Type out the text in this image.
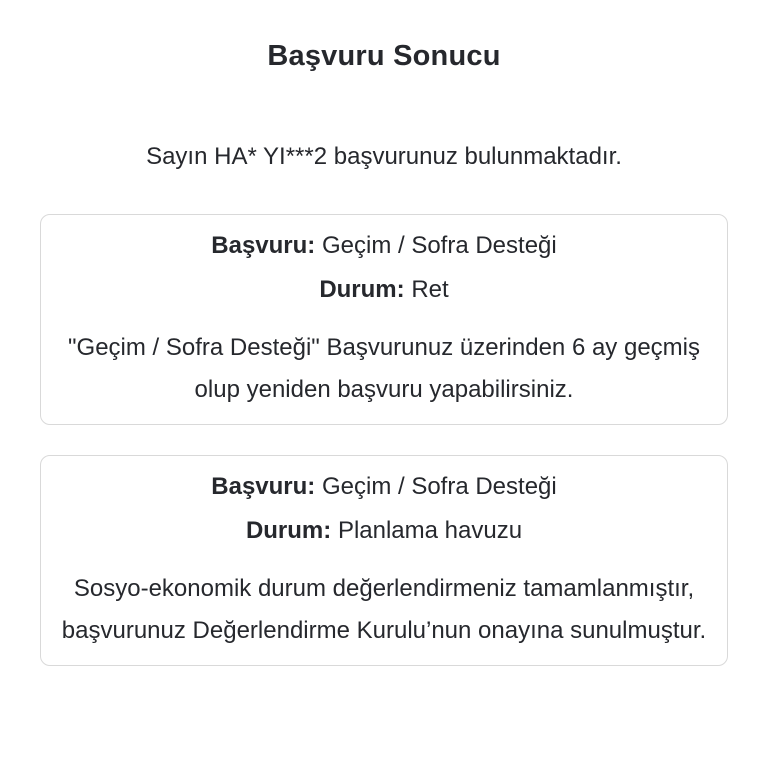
Başvuru Sonucu

Sayın HA* YI***2 başvurunuz bulunmaktadır.

Başvuru: Geçim / Sofra Desteği
Durum: Ret

"Geçim / Sofra Desteği" Başvurunuz üzerinden 6 ay geçmiş olup yeniden başvuru yapabilirsiniz.

Başvuru: Geçim / Sofra Desteği
Durum: Planlama havuzu

Sosyo-ekonomik durum değerlendirmeniz tamamlanmıştır, başvurunuz Değerlendirme Kurulu’nun onayına sunulmuştur.
